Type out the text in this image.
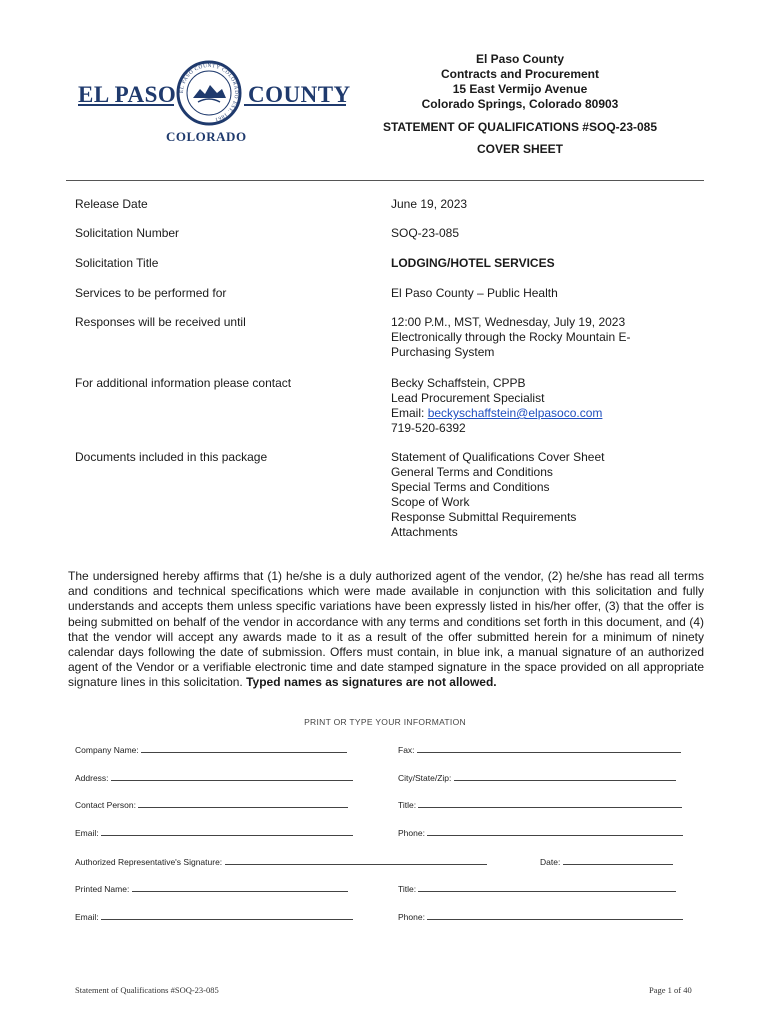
EL PASO	COUNTY
EL PASO COUNTY COLORADO EST. 1861
COLORADO
El Paso County
Contracts and Procurement
15 East Vermijo Avenue
Colorado Springs, Colorado 80903
STATEMENT OF QUALIFICATIONS #SOQ-23-085
COVER SHEET
Release Date	June 19, 2023
Solicitation Number	SOQ-23-085
Solicitation Title	LODGING/HOTEL SERVICES
Services to be performed for	El Paso County – Public Health
Responses will be received until	12:00 P.M., MST, Wednesday, July 19, 2023
Electronically through the Rocky Mountain E-
Purchasing System
For additional information please contact	Becky Schaffstein, CPPB
Lead Procurement Specialist
Email: beckyschaffstein@elpasoco.com
719-520-6392
Documents included in this package	Statement of Qualifications Cover Sheet
General Terms and Conditions
Special Terms and Conditions
Scope of Work
Response Submittal Requirements
Attachments
The undersigned hereby affirms that (1) he/she is a duly authorized agent of the vendor, (2) he/she has read all terms and conditions and technical specifications which were made available in conjunction with this solicitation and fully understands and accepts them unless specific variations have been expressly listed in his/her offer, (3) that the offer is being submitted on behalf of the vendor in accordance with any terms and conditions set forth in this document, and (4) that the vendor will accept any awards made to it as a result of the offer submitted herein for a minimum of ninety calendar days following the date of submission. Offers must contain, in blue ink, a manual signature of an authorized agent of the Vendor or a verifiable electronic time and date stamped signature in the space provided on all appropriate signature lines in this solicitation. Typed names as signatures are not allowed.
PRINT OR TYPE YOUR INFORMATION
Company Name:	Fax:
Address:	City/State/Zip:
Contact Person:	Title:
Email:	Phone:
Authorized Representative's Signature:	Date:
Printed Name:	Title:
Email:	Phone:
Statement of Qualifications #SOQ-23-085	Page 1 of 40
